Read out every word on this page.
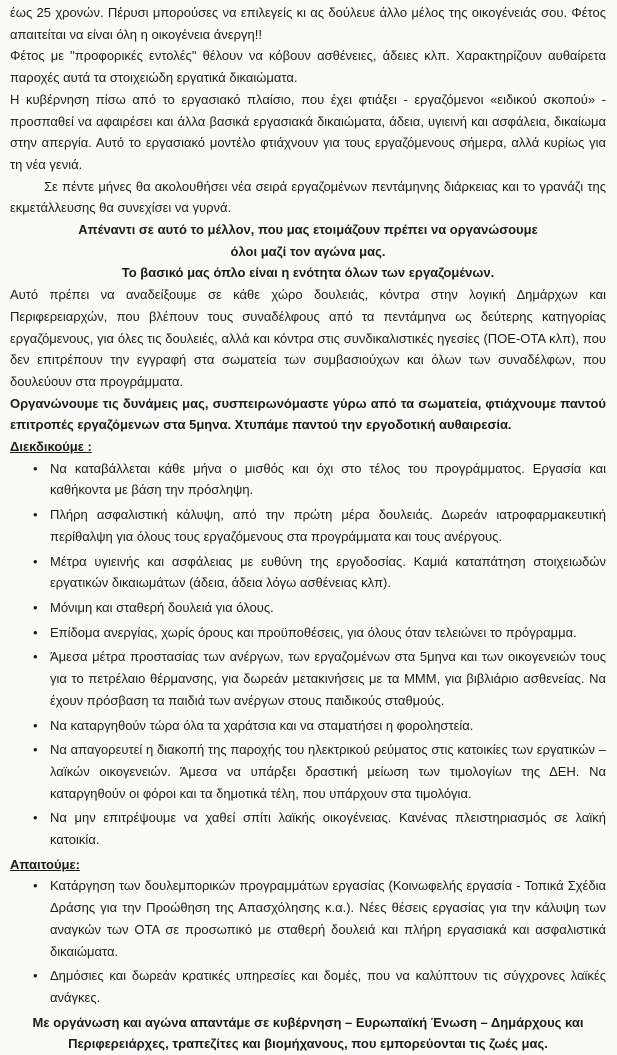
έως 25 χρονών. Πέρυσι μπορούσες να επιλεγείς κι ας δούλευε άλλο μέλος της οικογένειάς σου. Φέτος απαιτείται να είναι όλη η οικογένεια άνεργη!!

Φέτος με "προφορικές εντολές" θέλουν να κόβουν ασθένειες, άδειες κλπ. Χαρακτηρίζουν αυθαίρετα παροχές αυτά τα στοιχειώδη εργατικά δικαιώματα.

Η κυβέρνηση πίσω από το εργασιακό πλαίσιο, που έχει φτιάξει - εργαζόμενοι «ειδικού σκοπού» - προσπαθεί να αφαιρέσει και άλλα βασικά εργασιακά δικαιώματα, άδεια, υγιεινή και ασφάλεια, δικαίωμα στην απεργία. Αυτό το εργασιακό μοντέλο φτιάχνουν για τους εργαζόμενους σήμερα, αλλά κυρίως για τη νέα γενιά.

Σε πέντε μήνες θα ακολουθήσει νέα σειρά εργαζομένων πεντάμηνης διάρκειας και το γρανάζι της εκμετάλλευσης θα συνεχίσει να γυρνά.

Απέναντι σε αυτό το μέλλον, που μας ετοιμάζουν πρέπει να οργανώσουμε

όλοι μαζί τον αγώνα μας.

Το βασικό μας όπλο είναι η ενότητα όλων των εργαζομένων.

Αυτό πρέπει να αναδείξουμε σε κάθε χώρο δουλειάς, κόντρα στην λογική Δημάρχων και Περιφερειαρχών, που βλέπουν τους συναδέλφους από τα πεντάμηνα ως δεύτερης κατηγορίας εργαζόμενους, για όλες τις δουλειές, αλλά και κόντρα στις συνδικαλιστικές ηγεσίες (ΠΟΕ-ΟΤΑ κλπ), που δεν επιτρέπουν την εγγραφή στα σωματεία των συμβασιούχων και όλων των συναδέλφων, που δουλεύουν στα προγράμματα.

Οργανώνουμε τις δυνάμεις μας, συσπειρωνόμαστε γύρω από τα σωματεία, φτιάχνουμε παντού επιτροπές εργαζόμενων στα 5μηνα. Χτυπάμε παντού την εργοδοτική αυθαιρεσία.

Διεκδικούμε :

• Να καταβάλλεται κάθε μήνα ο μισθός και όχι στο τέλος του προγράμματος. Εργασία και καθήκοντα με βάση την πρόσληψη.
• Πλήρη ασφαλιστική κάλυψη, από την πρώτη μέρα δουλειάς. Δωρεάν ιατροφαρμακευτική περίθαλψη για όλους τους εργαζόμενους στα προγράμματα και τους ανέργους.
• Μέτρα υγιεινής και ασφάλειας με ευθύνη της εργοδοσίας. Καμιά καταπάτηση στοιχειωδών εργατικών δικαιωμάτων (άδεια, άδεια λόγω ασθένειας κλπ).
• Μόνιμη και σταθερή δουλειά για όλους.
• Επίδομα ανεργίας, χωρίς όρους και προϋποθέσεις, για όλους όταν τελειώνει το πρόγραμμα.
• Άμεσα μέτρα προστασίας των ανέργων, των εργαζομένων στα 5μηνα και των οικογενειών τους για το πετρέλαιο θέρμανσης, για δωρεάν μετακινήσεις με τα ΜΜΜ, για βιβλιάριο ασθενείας. Να έχουν πρόσβαση τα παιδιά των ανέργων στους παιδικούς σταθμούς.
• Να καταργηθούν τώρα όλα τα χαράτσια και να σταματήσει η φοροληστεία.
• Να απαγορευτεί η διακοπή της παροχής του ηλεκτρικού ρεύματος στις κατοικίες των εργατικών – λαϊκών οικογενειών. Άμεσα να υπάρξει δραστική μείωση των τιμολογίων της ΔΕΗ. Να καταργηθούν οι φόροι και τα δημοτικά τέλη, που υπάρχουν στα τιμολόγια.
• Να μην επιτρέψουμε να χαθεί σπίτι λαϊκής οικογένειας. Κανένας πλειστηριασμός σε λαϊκή κατοικία.

Απαιτούμε:

• Κατάργηση των δουλεμπορικών προγραμμάτων εργασίας (Κοινωφελής εργασία - Τοπικά Σχέδια Δράσης για την Προώθηση της Απασχόλησης κ.α.). Νέες θέσεις εργασίας για την κάλυψη των αναγκών των ΟΤΑ σε προσωπικό με σταθερή δουλειά και πλήρη εργασιακά και ασφαλιστικά δικαιώματα.
• Δημόσιες και δωρεάν κρατικές υπηρεσίες και δομές, που να καλύπτουν τις σύγχρονες λαϊκές ανάγκες.

Με οργάνωση και αγώνα απαντάμε σε κυβέρνηση – Ευρωπαϊκή Ένωση – Δημάρχους και

Περιφερειάρχες, τραπεζίτες και βιομήχανους, που εμπορεύονται τις ζωές μας.
